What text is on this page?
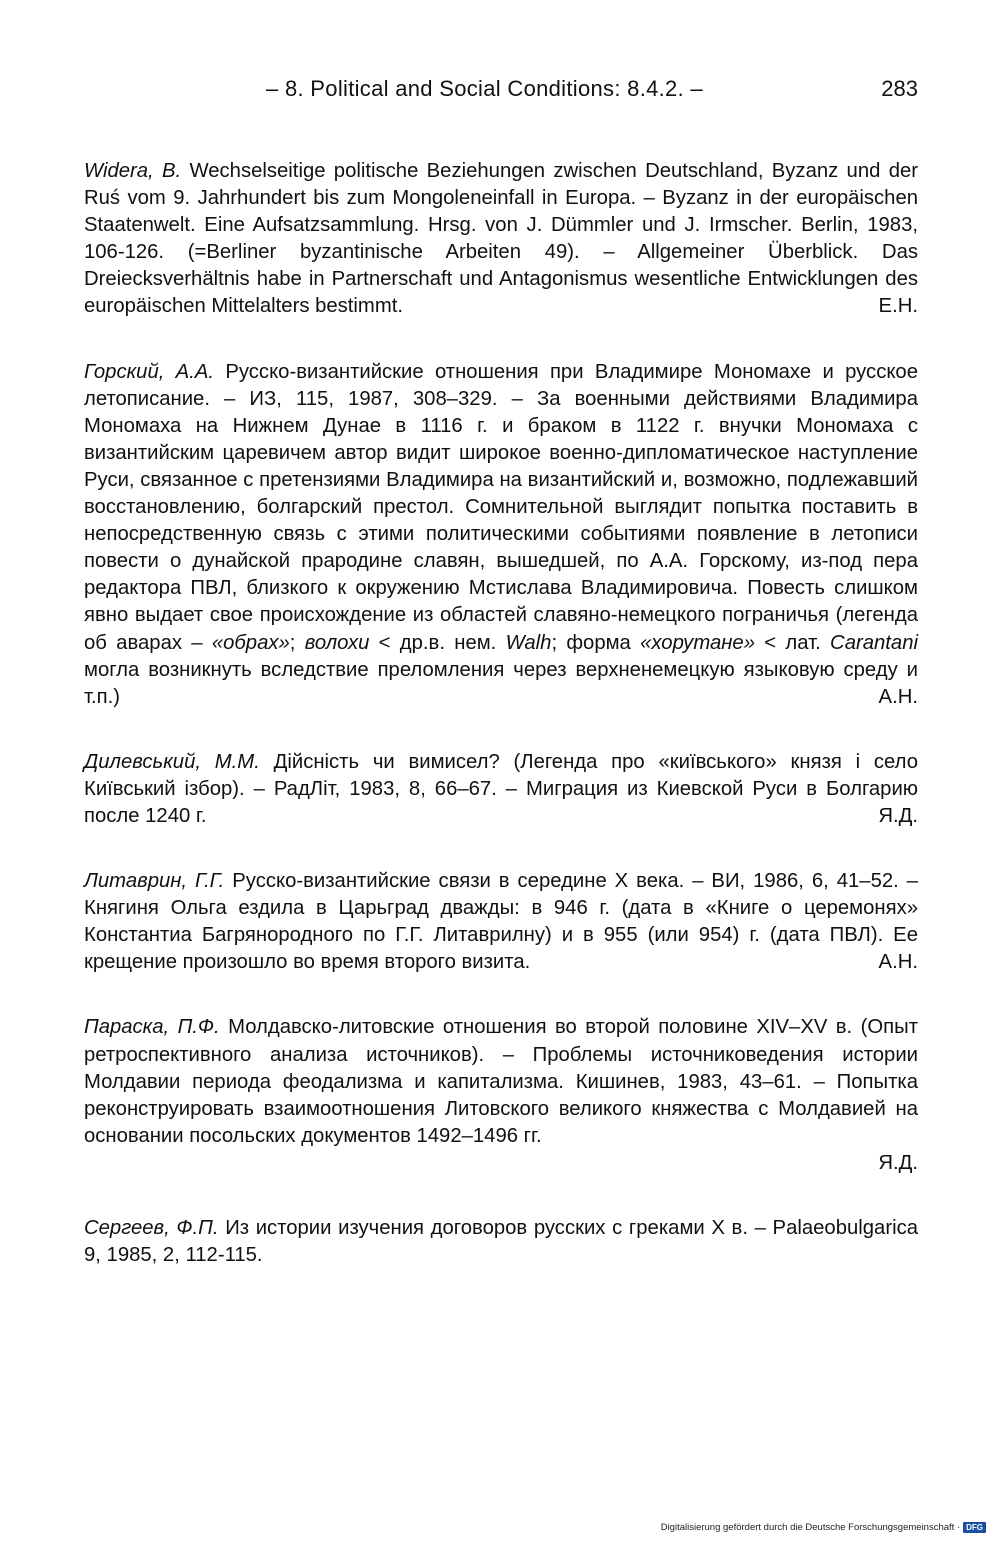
– 8. Political and Social Conditions: 8.4.2. –	283

Widera, B. Wechselseitige politische Beziehungen zwischen Deutschland, Byzanz und der Ruś vom 9. Jahrhundert bis zum Mongoleneinfall in Europa. – Byzanz in der europäischen Staatenwelt. Eine Aufsatzsammlung. Hrsg. von J. Dümmler und J. Irmscher. Berlin, 1983, 106-126. (=Berliner byzantinische Arbeiten 49). – Allgemeiner Überblick. Das Dreiecksverhältnis habe in Partnerschaft und Antagonismus wesentliche Entwicklungen des europäischen Mittelalters bestimmt.	E.H.

Горский, А.А. Русско-византийские отношения при Владимире Мономахе и русское летописание. – ИЗ, 115, 1987, 308–329. – За военными действиями Владимира Мономаха на Нижнем Дунае в 1116 г. и браком в 1122 г. внучки Мономаха с византийским царевичем автор видит широкое военно-дипломатическое наступление Руси, связанное с претензиями Владимира на византийский и, возможно, подлежавший восстановлению, болгарский престол. Сомнительной выглядит попытка поставить в непосредственную связь с этими политическими событиями появление в летописи повести о дунайской прародине славян, вышедшей, по А.А. Горскому, из-под пера редактора ПВЛ, близкого к окружению Мстислава Владимировича. Повесть слишком явно выдает свое происхождение из областей славяно-немецкого пограничья (легенда об аварах – «обрах»; волохи < др.в. нем. Walh; форма «хорутане» < лат. Carantani могла возникнуть вследствие преломления через верхненемецкую языковую среду и т.п.)	А.Н.

Дилевський, М.М. Дійсність чи вимисел? (Легенда про «київського» князя і село Київський ізбор). – РадЛіт, 1983, 8, 66–67. – Миграция из Киевской Руси в Болгарию после 1240 г.	Я.Д.

Литаврин, Г.Г. Русско-византийские связи в середине X века. – ВИ, 1986, 6, 41–52. – Княгиня Ольга ездила в Царьград дважды: в 946 г. (дата в «Книге о церемонях» Константиа Багрянородного по Г.Г. Литаврилну) и в 955 (или 954) г. (дата ПВЛ). Ее крещение произошло во время второго визита.	А.Н.

Параска, П.Ф. Молдавско-литовские отношения во второй половине XIV–XV в. (Опыт ретроспективного анализа источников). – Проблемы источниковедения истории Молдавии периода феодализма и капитализма. Кишинев, 1983, 43–61. – Попытка реконструировать взаимоотношения Литовского великого княжества с Молдавией на основании посольских документов 1492–1496 гг.
Я.Д.

Сергеев, Ф.П. Из истории изучения договоров русских с греками X в. – Palaeobulgarica 9, 1985, 2, 112-115.

Digitalisierung gefördert durch die Deutsche Forschungsgemeinschaft · DFG
